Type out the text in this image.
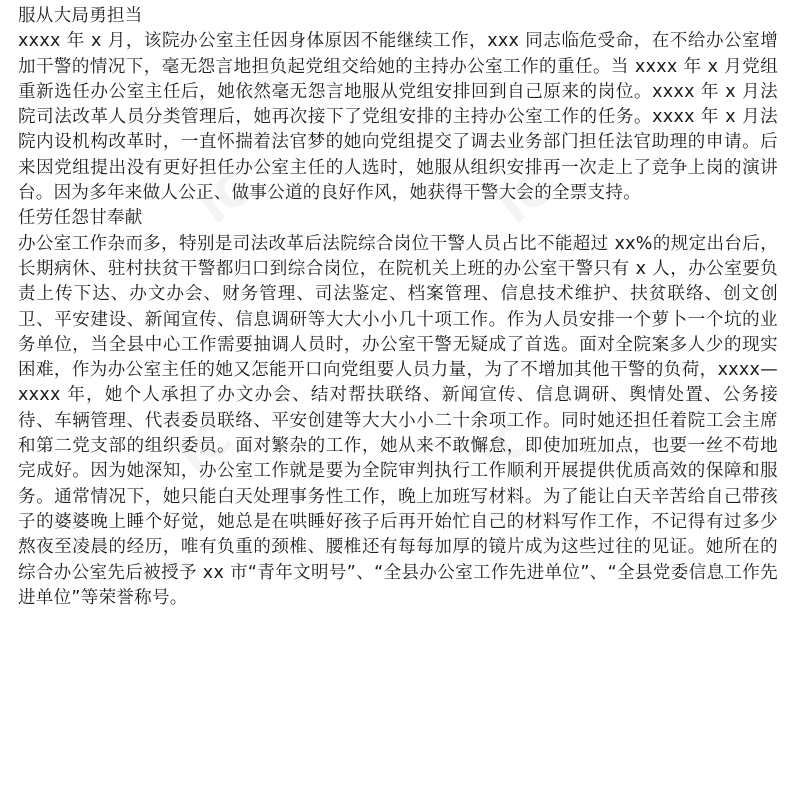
IC	IC
IC	IC
服从大局勇担当

xxxx 年 x 月，该院办公室主任因身体原因不能继续工作，xxx 同志临危受命，在不给办公室增加干警的情况下，毫无怨言地担负起党组交给她的主持办公室工作的重任。当 xxxx 年 x 月党组重新选任办公室主任后，她依然毫无怨言地服从党组安排回到自己原来的岗位。xxxx 年 x 月法院司法改革人员分类管理后，她再次接下了党组安排的主持办公室工作的任务。xxxx 年 x 月法院内设机构改革时，一直怀揣着法官梦的她向党组提交了调去业务部门担任法官助理的申请。后来因党组提出没有更好担任办公室主任的人选时，她服从组织安排再一次走上了竞争上岗的演讲台。因为多年来做人公正、做事公道的良好作风，她获得干警大会的全票支持。

任劳任怨甘奉献

办公室工作杂而多，特别是司法改革后法院综合岗位干警人员占比不能超过 xx%的规定出台后，长期病休、驻村扶贫干警都归口到综合岗位，在院机关上班的办公室干警只有 x 人，办公室要负责上传下达、办文办会、财务管理、司法鉴定、档案管理、信息技术维护、扶贫联络、创文创卫、平安建设、新闻宣传、信息调研等大大小小几十项工作。作为人员安排一个萝卜一个坑的业务单位，当全县中心工作需要抽调人员时，办公室干警无疑成了首选。面对全院案多人少的现实困难，作为办公室主任的她又怎能开口向党组要人员力量，为了不增加其他干警的负荷，xxxx—xxxx 年，她个人承担了办文办会、结对帮扶联络、新闻宣传、信息调研、舆情处置、公务接待、车辆管理、代表委员联络、平安创建等大大小小二十余项工作。同时她还担任着院工会主席和第二党支部的组织委员。面对繁杂的工作，她从来不敢懈怠，即使加班加点，也要一丝不苟地完成好。因为她深知，办公室工作就是要为全院审判执行工作顺利开展提供优质高效的保障和服务。通常情况下，她只能白天处理事务性工作，晚上加班写材料。为了能让白天辛苦给自己带孩子的婆婆晚上睡个好觉，她总是在哄睡好孩子后再开始忙自己的材料写作工作，不记得有过多少熬夜至凌晨的经历，唯有负重的颈椎、腰椎还有每每加厚的镜片成为这些过往的见证。她所在的综合办公室先后被授予 xx 市“青年文明号”、“全县办公室工作先进单位”、“全县党委信息工作先进单位”等荣誉称号。
